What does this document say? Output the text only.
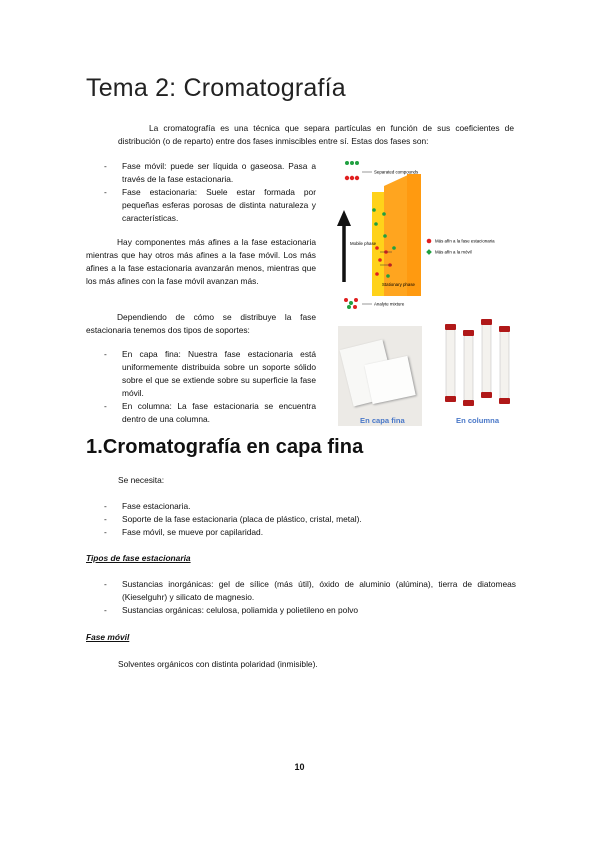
Tema 2: Cromatografía
La cromatografía es una técnica que separa partículas en función de sus coeficientes de distribución (o de reparto) entre dos fases inmiscibles entre sí. Estas dos fases son:
- Fase móvil: puede ser líquida o gaseosa. Pasa a través de la fase estacionaria.
- Fase estacionaria: Suele estar formada por pequeñas esferas porosas de distinta naturaleza y características.
Hay componentes más afines a la fase estacionaria mientras que hay otros más afines a la fase móvil. Los más afines a la fase estacionaria avanzarán menos, mientras que los más afines con la fase móvil avanzan más.
Dependiendo de cómo se distribuye la fase estacionaria tenemos dos tipos de soportes:
- En capa fina: Nuestra fase estacionaria está uniformemente distribuida sobre un soporte sólido sobre el que se extiende sobre su superficie la fase móvil.
- En columna: La fase estacionaria se encuentra dentro de una columna.
Separated compounds
Mobile phase
Stationary phase
Analyte mixture
Más afín a la fase estacionaria
Más afín a la móvil
En capa fina	En columna
1.Cromatografía en capa fina
Se necesita:
- Fase estacionaria.
- Soporte de la fase estacionaria (placa de plástico, cristal, metal).
- Fase móvil, se mueve por capilaridad.
Tipos de fase estacionaria
- Sustancias inorgánicas: gel de sílice (más útil), óxido de aluminio (alúmina), tierra de diatomeas (Kieselguhr) y silicato de magnesio.
- Sustancias orgánicas: celulosa, poliamida y polietileno en polvo
Fase móvil
Solventes orgánicos con distinta polaridad (inmisible).
10
